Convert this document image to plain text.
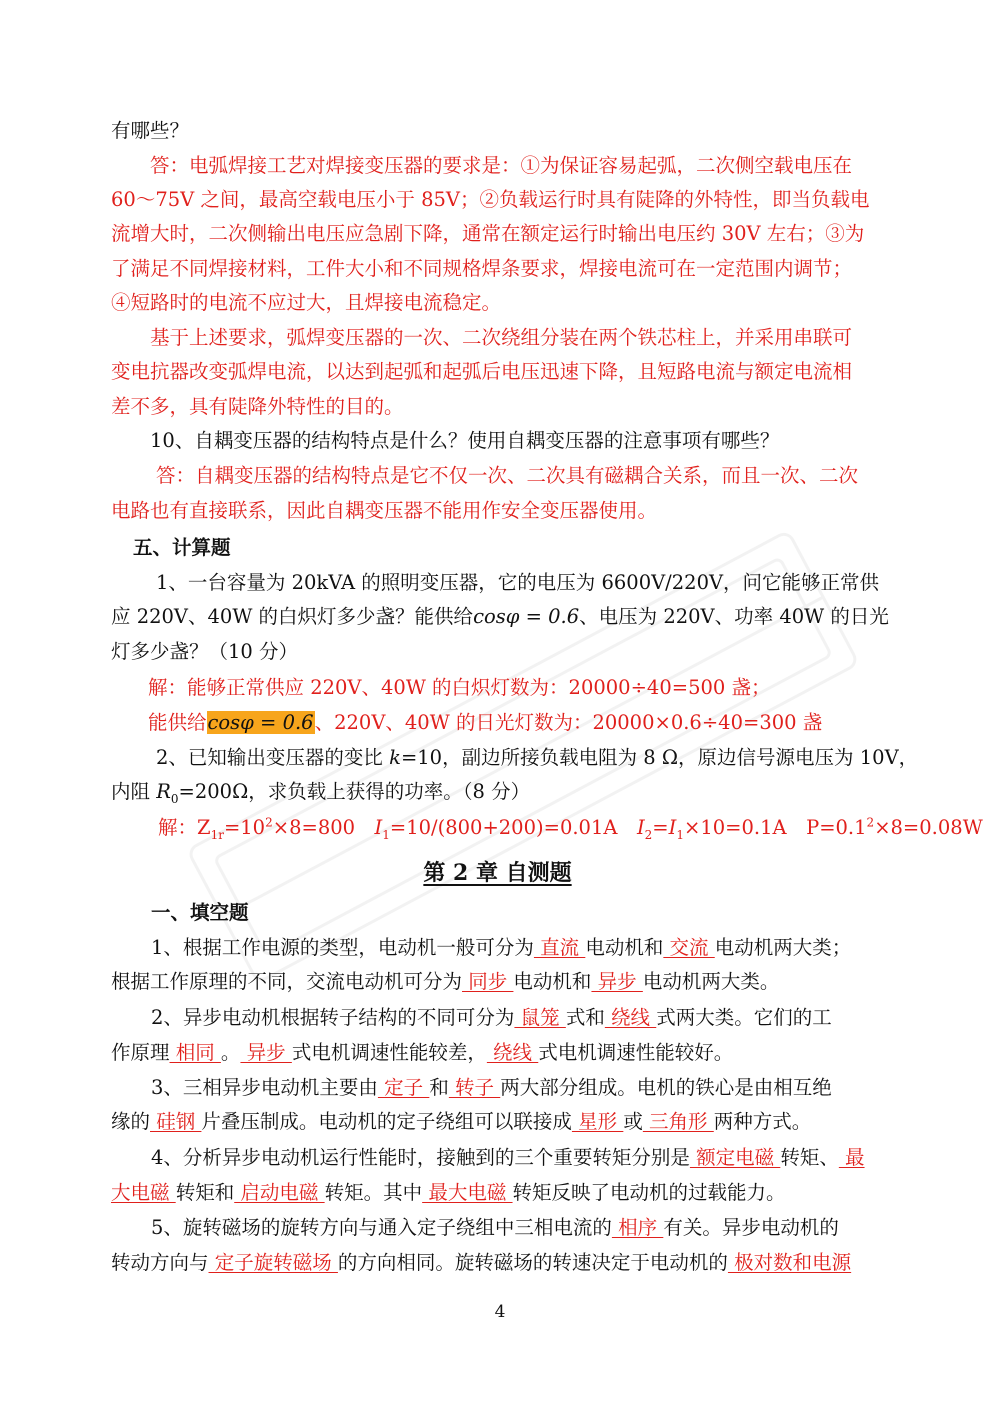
有哪些？
答：电弧焊接工艺对焊接变压器的要求是：①为保证容易起弧，二次侧空载电压在
60～75V 之间，最高空载电压小于 85V；②负载运行时具有陡降的外特性，即当负载电
流增大时，二次侧输出电压应急剧下降，通常在额定运行时输出电压约 30V 左右；③为
了满足不同焊接材料，工件大小和不同规格焊条要求，焊接电流可在一定范围内调节；
④短路时的电流不应过大，且焊接电流稳定。
基于上述要求，弧焊变压器的一次、二次绕组分装在两个铁芯柱上，并采用串联可
变电抗器改变弧焊电流，以达到起弧和起弧后电压迅速下降，且短路电流与额定电流相
差不多，具有陡降外特性的目的。
10、自耦变压器的结构特点是什么？使用自耦变压器的注意事项有哪些？
答：自耦变压器的结构特点是它不仅一次、二次具有磁耦合关系，而且一次、二次
电路也有直接联系，因此自耦变压器不能用作安全变压器使用。
五、计算题
1、一台容量为 20kVA 的照明变压器，它的电压为 6600V/220V，问它能够正常供
应 220V、40W 的白炽灯多少盏？能供给cosφ = 0.6、电压为 220V、功率 40W 的日光
灯多少盏？（10 分）
解：能够正常供应 220V、40W 的白炽灯数为：20000÷40=500 盏；
能供给cosφ = 0.6、220V、40W 的日光灯数为：20000×0.6÷40=300 盏
2、已知输出变压器的变比 k=10，副边所接负载电阻为 8 Ω，原边信号源电压为 10V，
内阻 $R_0=200\Omega$，求负载上获得的功率。（8 分）
解：$Z_{1r}=10^2\times 8=800$　$I_1=10/(800+200)=0.01A$　$I_2=I_1\times 10=0.1A$　$P=0.1^2\times 8=0.08W$
第 2 章 自测题
一、填空题
1、根据工作电源的类型，电动机一般可分为 直流 电动机和 交流 电动机两大类；
根据工作原理的不同，交流电动机可分为 同步 电动机和 异步 电动机两大类。
2、异步电动机根据转子结构的不同可分为 鼠笼 式和 绕线 式两大类。它们的工
作原理 相同 。 异步 式电机调速性能较差， 绕线 式电机调速性能较好。
3、三相异步电动机主要由 定子 和 转子 两大部分组成。电机的铁心是由相互绝
缘的 硅钢 片叠压制成。电动机的定子绕组可以联接成 星形 或 三角形 两种方式。
4、分析异步电动机运行性能时，接触到的三个重要转矩分别是 额定电磁 转矩、 最
大电磁 转矩和 启动电磁 转矩。其中 最大电磁 转矩反映了电动机的过载能力。
5、旋转磁场的旋转方向与通入定子绕组中三相电流的 相序 有关。异步电动机的
转动方向与 定子旋转磁场 的方向相同。旋转磁场的转速决定于电动机的 极对数和电源
4
